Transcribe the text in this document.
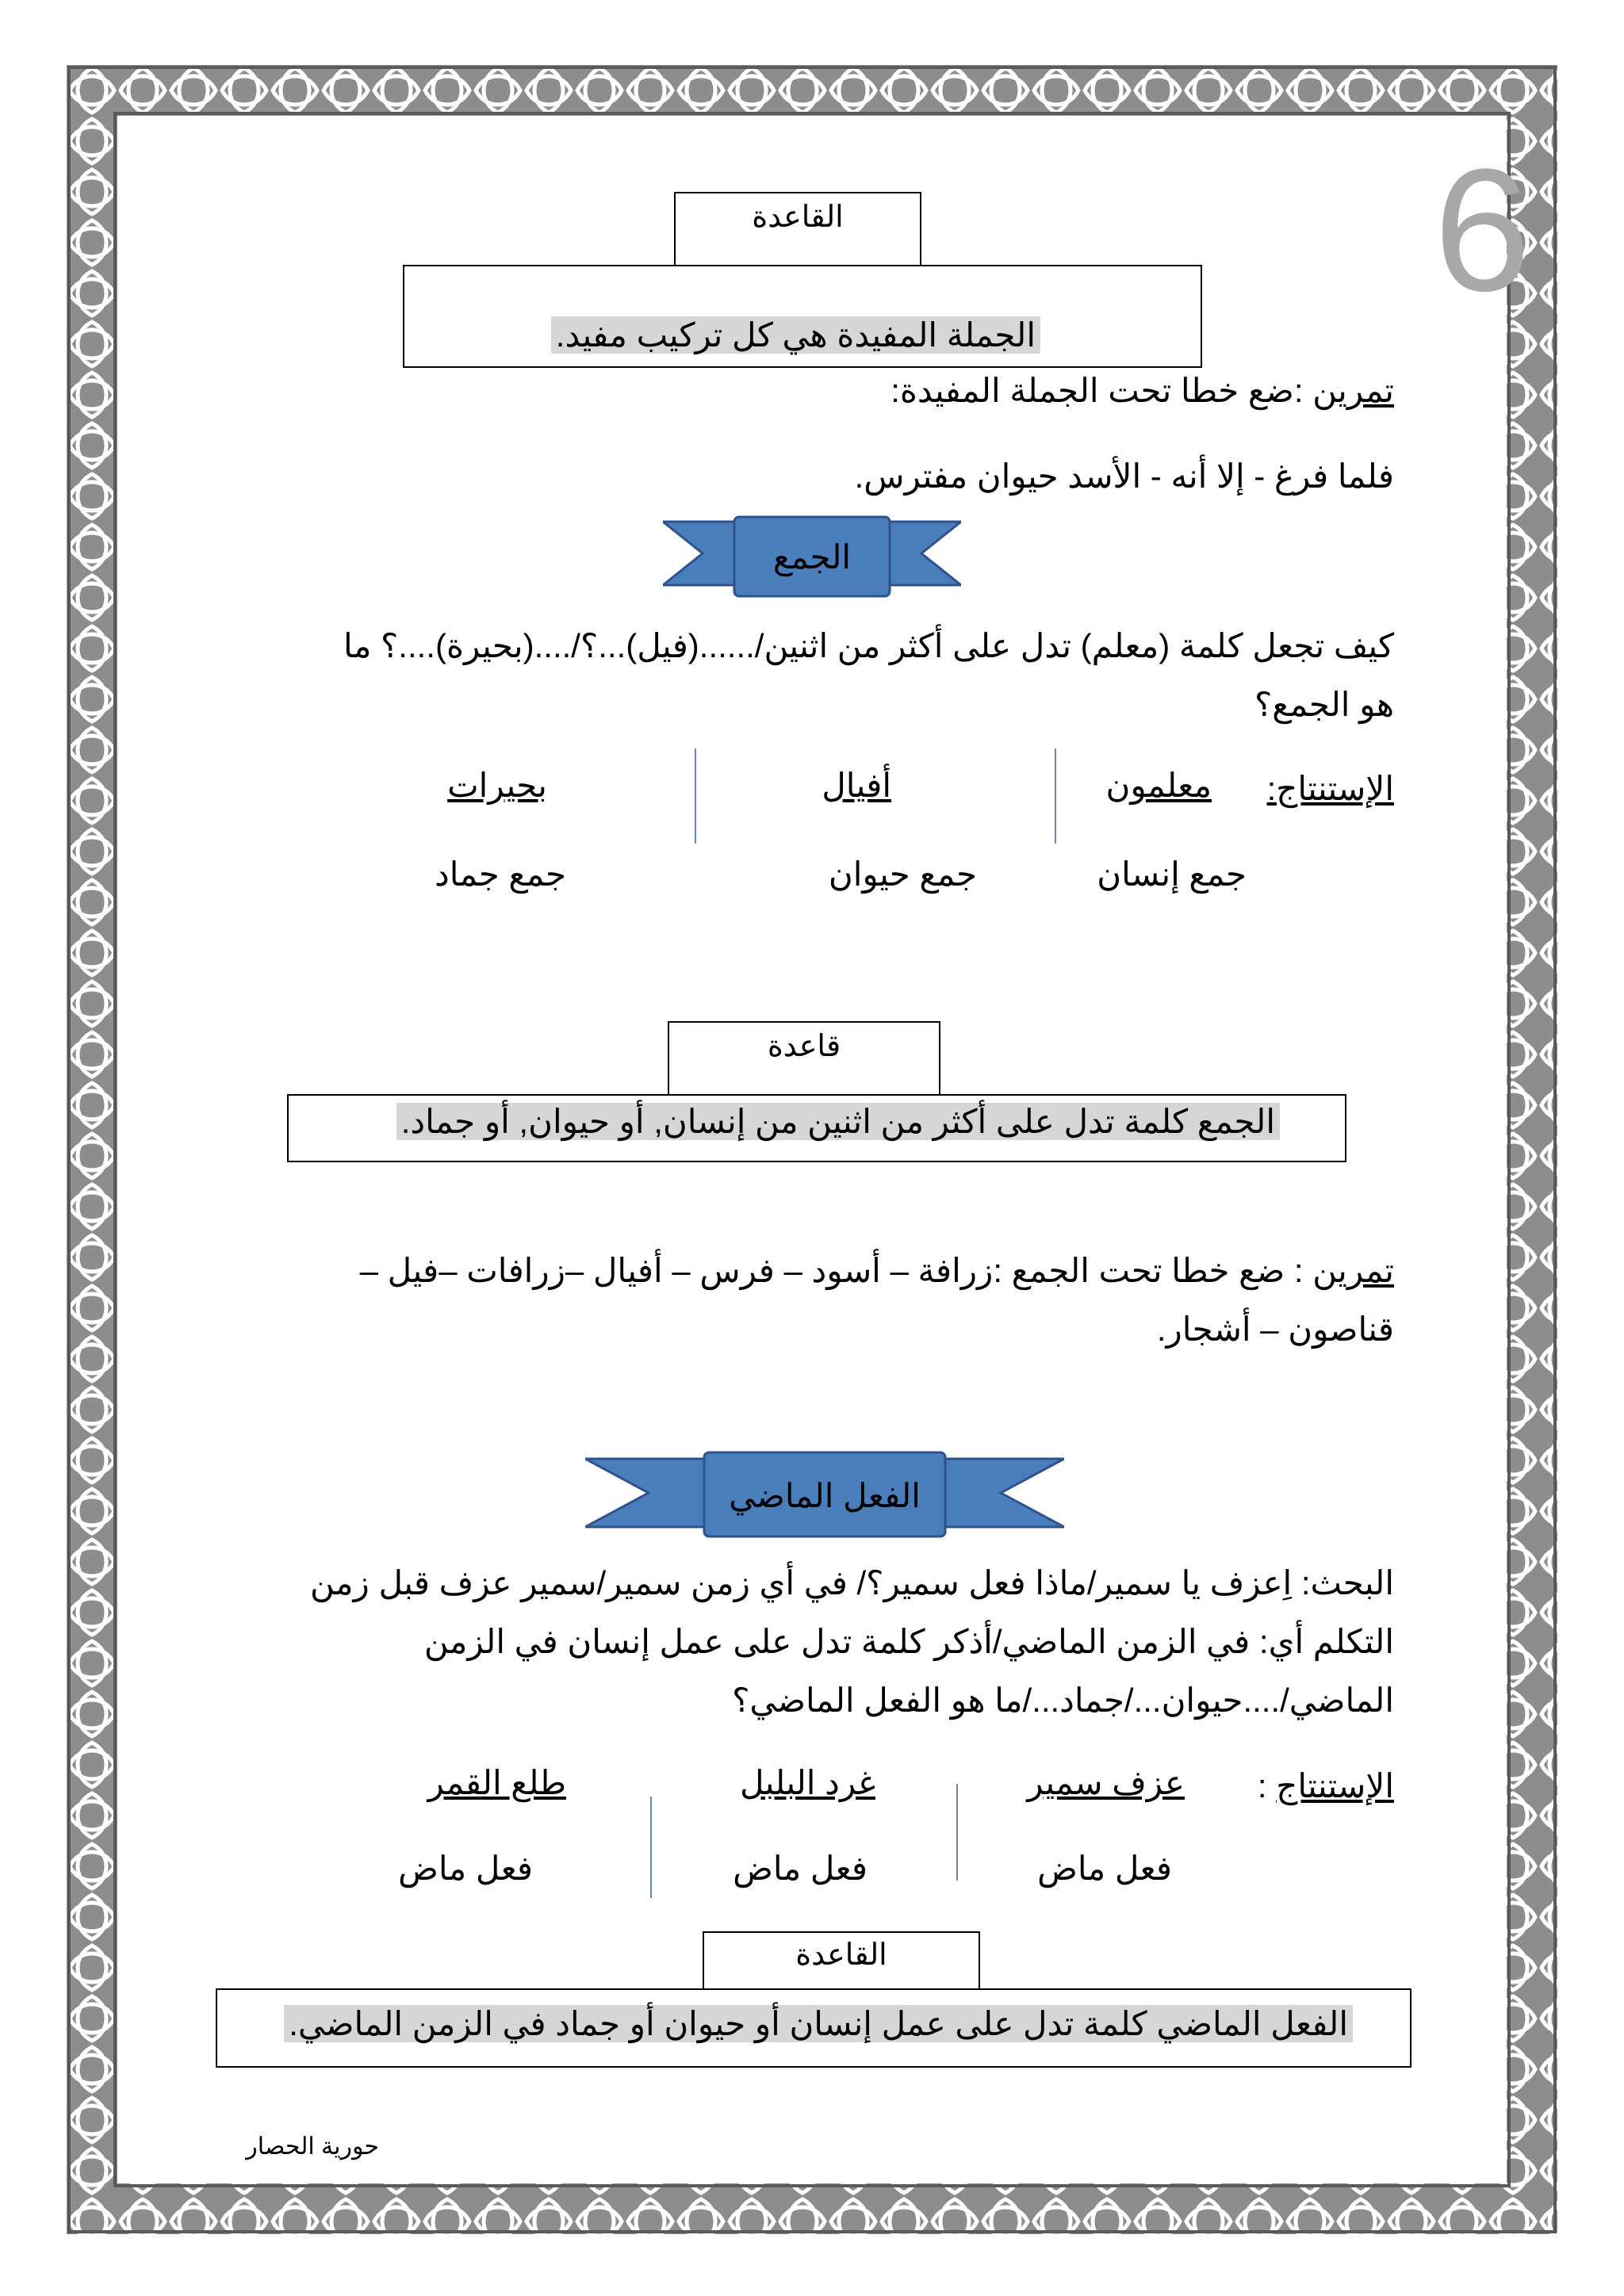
6
القاعدة
الجملة المفيدة هي كل تركيب مفيد.
تمرين :ضع خطا تحت الجملة المفيدة:
فلما فرغ - إلا أنه - الأسد حيوان مفترس.
الجمع
كيف تجعل كلمة (معلم) تدل على أكثر من اثنين/......(فيل)...؟/....(بحيرة)....؟ ما
هو الجمع؟
الإستنتاج:
معلمون
أفيال
بحيرات
جمع إنسان
جمع حيوان
جمع جماد
قاعدة
الجمع كلمة تدل على أكثر من اثنين من إنسان, أو حيوان, أو جماد.
تمرين : ضع خطا تحت الجمع :زرافة – أسود – فرس – أفيال –زرافات –فيل –
قناصون – أشجار.
الفعل الماضي
البحث: اِعزف يا سمير/ماذا فعل سمير؟/ في أي زمن سمير/سمير عزف قبل زمن
التكلم أي: في الزمن الماضي/أذكر كلمة تدل على عمل إنسان في الزمن
الماضي/....حيوان.../جماد.../ما هو الفعل الماضي؟
الإستنتاج :
عزف سمير
غرد البلبل
طلع القمر
فعل ماض
فعل ماض
فعل ماض
القاعدة
الفعل الماضي كلمة تدل على عمل إنسان أو حيوان أو جماد في الزمن الماضي.
حورية الحصار
